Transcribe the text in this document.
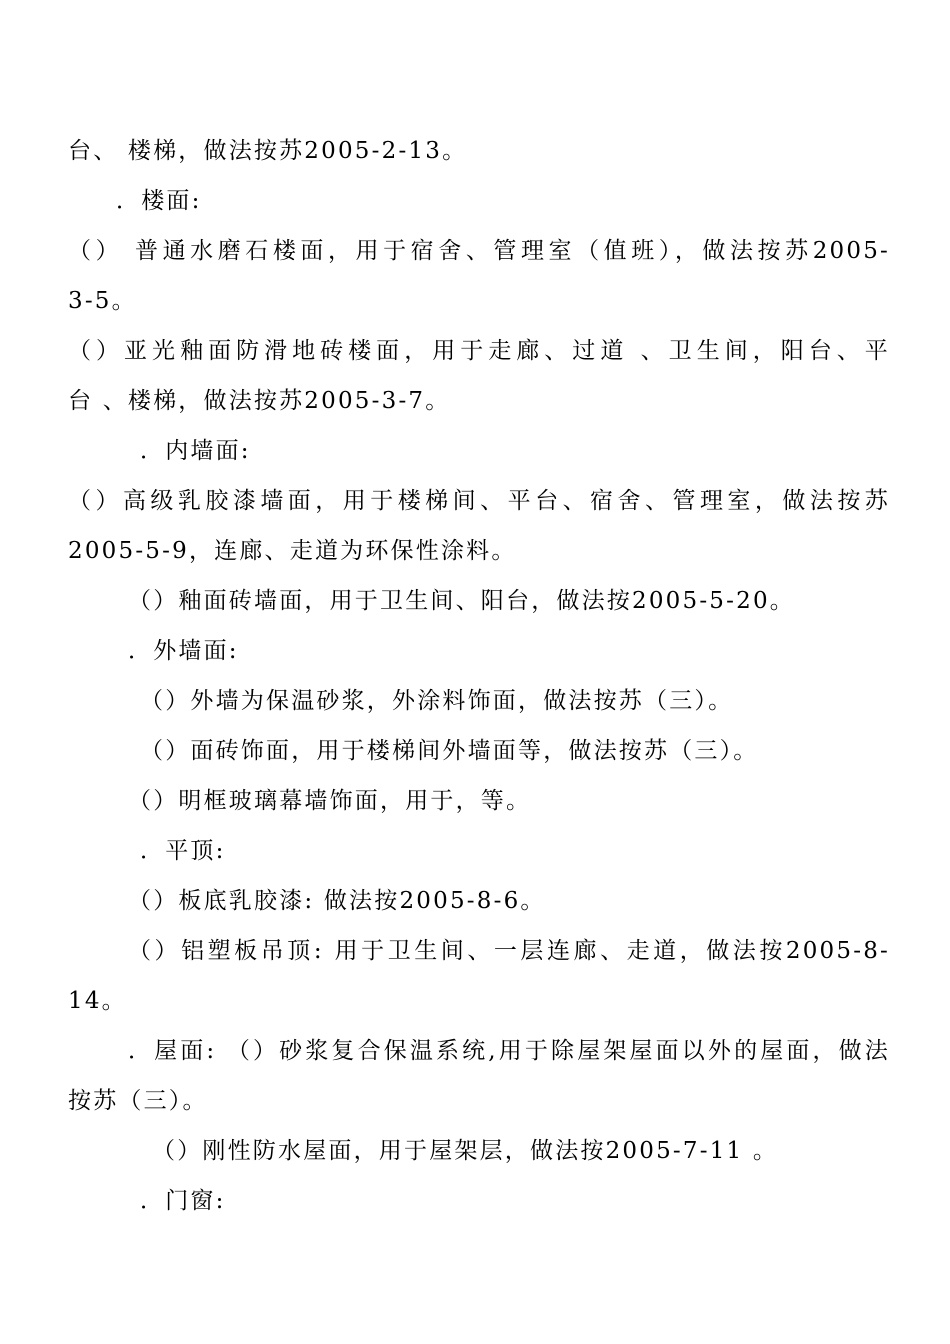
台、 楼梯，做法按苏2005-2-13。
．楼面:
（） 普通水磨石楼面，用于宿舍、管理室（值班），做法按苏2005-
3-5。
（）亚光釉面防滑地砖楼面，用于走廊、过道 、卫生间，阳台、平
台 、楼梯，做法按苏2005-3-7。
．内墙面:
（）高级乳胶漆墙面，用于楼梯间、平台、宿舍、管理室，做法按苏
2005-5-9，连廊、走道为环保性涂料。
（）釉面砖墙面，用于卫生间、阳台，做法按2005-5-20。
．外墙面:
（）外墙为保温砂浆，外涂料饰面，做法按苏（三）。
（）面砖饰面，用于楼梯间外墙面等，做法按苏（三）。
（）明框玻璃幕墙饰面，用于，等。
．平顶:
（）板底乳胶漆: 做法按2005-8-6。
（）铝塑板吊顶: 用于卫生间、一层连廊、走道，做法按2005-8-
14。
．屋面: （）砂浆复合保温系统,用于除屋架屋面以外的屋面，做法
按苏（三）。
（）刚性防水屋面，用于屋架层，做法按2005-7-11 。
．门窗:
